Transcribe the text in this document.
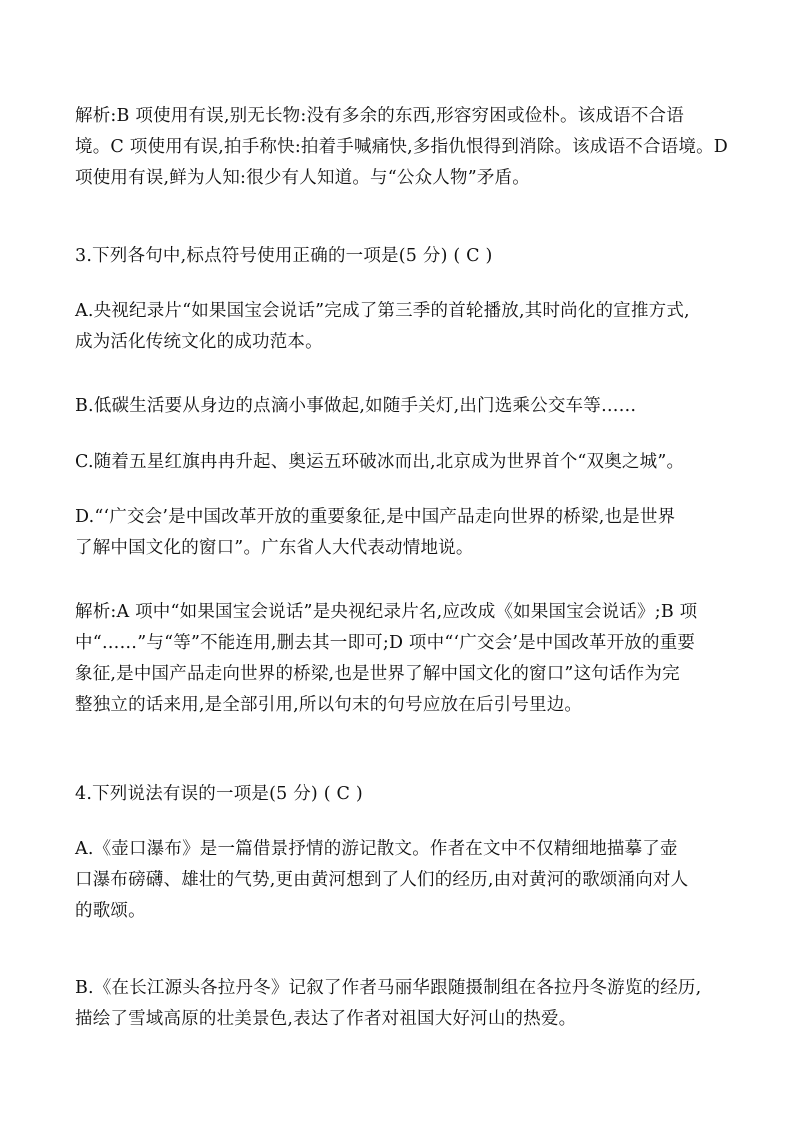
解析:B 项使用有误,别无长物:没有多余的东西,形容穷困或俭朴。该成语不合语
境。C 项使用有误,拍手称快:拍着手喊痛快,多指仇恨得到消除。该成语不合语境。D
项使用有误,鲜为人知:很少有人知道。与“公众人物”矛盾。
3.下列各句中,标点符号使用正确的一项是(5 分) ( C )
A.央视纪录片“如果国宝会说话”完成了第三季的首轮播放,其时尚化的宣推方式,
成为活化传统文化的成功范本。
B.低碳生活要从身边的点滴小事做起,如随手关灯,出门选乘公交车等……
C.随着五星红旗冉冉升起、奥运五环破冰而出,北京成为世界首个“双奥之城”。
D.“‘广交会’是中国改革开放的重要象征,是中国产品走向世界的桥梁,也是世界
了解中国文化的窗口”。广东省人大代表动情地说。
解析:A 项中“如果国宝会说话”是央视纪录片名,应改成《如果国宝会说话》;B 项
中“……”与“等”不能连用,删去其一即可;D 项中“‘广交会’是中国改革开放的重要
象征,是中国产品走向世界的桥梁,也是世界了解中国文化的窗口”这句话作为完
整独立的话来用,是全部引用,所以句末的句号应放在后引号里边。
4.下列说法有误的一项是(5 分) ( C )
A.《壶口瀑布》是一篇借景抒情的游记散文。作者在文中不仅精细地描摹了壶
口瀑布磅礴、雄壮的气势,更由黄河想到了人们的经历,由对黄河的歌颂涌向对人
的歌颂。
B.《在长江源头各拉丹冬》记叙了作者马丽华跟随摄制组在各拉丹冬游览的经历,
描绘了雪域高原的壮美景色,表达了作者对祖国大好河山的热爱。
